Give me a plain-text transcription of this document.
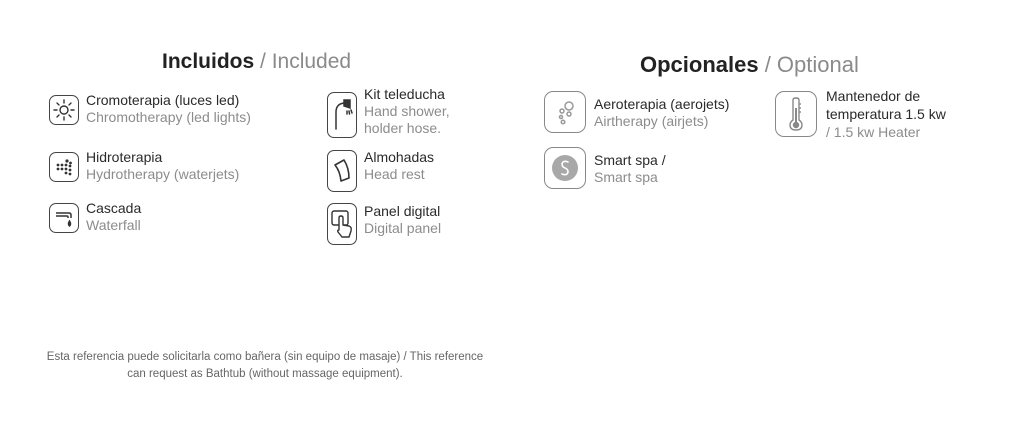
Incluidos / Included	Opcionales / Optional
Cromoterapia (luces led)
Chromotherapy (led lights)
Hidroterapia
Hydrotherapy (waterjets)
Cascada
Waterfall
Kit teleducha
Hand shower,
holder hose.
Almohadas
Head rest
Panel digital
Digital panel
Aeroterapia (aerojets)
Airtherapy (airjets)
Smart spa /
Smart spa
Mantenedor de
temperatura 1.5 kw
/ 1.5 kw Heater
Esta referencia puede solicitarla como bañera (sin equipo de masaje) / This reference can request as Bathtub (without massage equipment).
